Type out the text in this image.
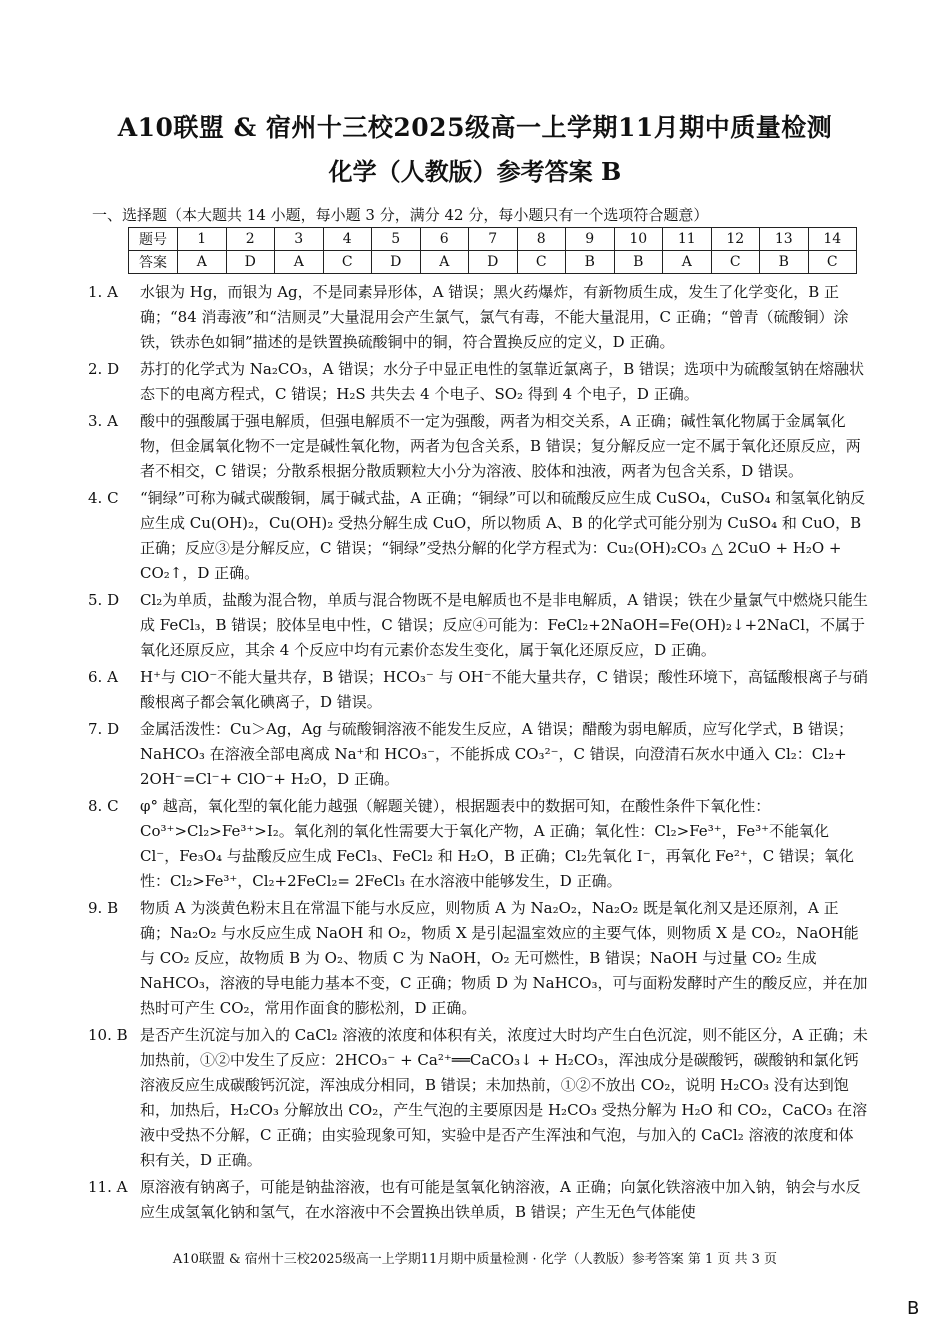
A10联盟 & 宿州十三校2025级高一上学期11月期中质量检测
化学（人教版）参考答案 B
一、选择题（本大题共 14 小题，每小题 3 分，满分 42 分，每小题只有一个选项符合题意）
题号	1	2	3	4	5	6	7	8	9	10	11	12	13	14
答案	A	D	A	C	D	A	D	C	B	B	A	C	B	C
1. A	水银为 Hg，而银为 Ag，不是同素异形体，A 错误；黑火药爆炸，有新物质生成，发生了化学变化，B 正确；“84 消毒液”和“洁厕灵”大量混用会产生氯气，氯气有毒，不能大量混用，C 正确；“曾青（硫酸铜）涂铁，铁赤色如铜”描述的是铁置换硫酸铜中的铜，符合置换反应的定义，D 正确。
2. D	苏打的化学式为 Na₂CO₃，A 错误；水分子中显正电性的氢靠近氯离子，B 错误；选项中为硫酸氢钠在熔融状态下的电离方程式，C 错误；H₂S 共失去 4 个电子、SO₂ 得到 4 个电子，D 正确。
3. A	酸中的强酸属于强电解质，但强电解质不一定为强酸，两者为相交关系，A 正确；碱性氧化物属于金属氧化物，但金属氧化物不一定是碱性氧化物，两者为包含关系，B 错误；复分解反应一定不属于氧化还原反应，两者不相交，C 错误；分散系根据分散质颗粒大小分为溶液、胶体和浊液，两者为包含关系，D 错误。
4. C	“铜绿”可称为碱式碳酸铜，属于碱式盐，A 正确；“铜绿”可以和硫酸反应生成 CuSO₄，CuSO₄ 和氢氧化钠反应生成 Cu(OH)₂，Cu(OH)₂ 受热分解生成 CuO，所以物质 A、B 的化学式可能分别为 CuSO₄ 和 CuO，B 正确；反应③是分解反应，C 错误；“铜绿”受热分解的化学方程式为：Cu₂(OH)₂CO₃ △ 2CuO + H₂O + CO₂↑，D 正确。
5. D	Cl₂为单质，盐酸为混合物，单质与混合物既不是电解质也不是非电解质，A 错误；铁在少量氯气中燃烧只能生成 FeCl₃，B 错误；胶体呈电中性，C 错误；反应④可能为：FeCl₂+2NaOH=Fe(OH)₂↓+2NaCl，不属于氧化还原反应，其余 4 个反应中均有元素价态发生变化，属于氧化还原反应，D 正确。
6. A	H⁺与 ClO⁻不能大量共存，B 错误；HCO₃⁻ 与 OH⁻不能大量共存，C 错误；酸性环境下，高锰酸根离子与硝酸根离子都会氧化碘离子，D 错误。
7. D	金属活泼性：Cu＞Ag，Ag 与硫酸铜溶液不能发生反应，A 错误；醋酸为弱电解质，应写化学式，B 错误；NaHCO₃ 在溶液全部电离成 Na⁺和 HCO₃⁻，不能拆成 CO₃²⁻，C 错误，向澄清石灰水中通入 Cl₂：Cl₂+ 2OH⁻=Cl⁻+ ClO⁻+ H₂O，D 正确。
8. C	φ° 越高，氧化型的氧化能力越强（解题关键），根据题表中的数据可知，在酸性条件下氧化性：Co³⁺>Cl₂>Fe³⁺>I₂。氧化剂的氧化性需要大于氧化产物，A 正确；氧化性：Cl₂>Fe³⁺，Fe³⁺不能氧化 Cl⁻，Fe₃O₄ 与盐酸反应生成 FeCl₃、FeCl₂ 和 H₂O，B 正确；Cl₂先氧化 I⁻，再氧化 Fe²⁺，C 错误；氧化性：Cl₂>Fe³⁺，Cl₂+2FeCl₂= 2FeCl₃ 在水溶液中能够发生，D 正确。
9. B	物质 A 为淡黄色粉末且在常温下能与水反应，则物质 A 为 Na₂O₂，Na₂O₂ 既是氧化剂又是还原剂，A 正确；Na₂O₂ 与水反应生成 NaOH 和 O₂，物质 X 是引起温室效应的主要气体，则物质 X 是 CO₂，NaOH能与 CO₂ 反应，故物质 B 为 O₂、物质 C 为 NaOH，O₂ 无可燃性，B 错误；NaOH 与过量 CO₂ 生成 NaHCO₃，溶液的导电能力基本不变，C 正确；物质 D 为 NaHCO₃，可与面粉发酵时产生的酸反应，并在加热时可产生 CO₂，常用作面食的膨松剂，D 正确。
10. B 是否产生沉淀与加入的 CaCl₂ 溶液的浓度和体积有关，浓度过大时均产生白色沉淀，则不能区分，A 正确；未加热前，①②中发生了反应：2HCO₃⁻ + Ca²⁺══CaCO₃↓ + H₂CO₃，浑浊成分是碳酸钙，碳酸钠和氯化钙溶液反应生成碳酸钙沉淀，浑浊成分相同，B 错误；未加热前，①②不放出 CO₂，说明 H₂CO₃ 没有达到饱和，加热后，H₂CO₃ 分解放出 CO₂，产生气泡的主要原因是 H₂CO₃ 受热分解为 H₂O 和 CO₂，CaCO₃ 在溶液中受热不分解，C 正确；由实验现象可知，实验中是否产生浑浊和气泡，与加入的 CaCl₂ 溶液的浓度和体积有关，D 正确。
11. A 原溶液有钠离子，可能是钠盐溶液，也有可能是氢氧化钠溶液，A 正确；向氯化铁溶液中加入钠，钠会与水反应生成氢氧化钠和氢气，在水溶液中不会置换出铁单质，B 错误；产生无色气体能使
A10联盟 & 宿州十三校2025级高一上学期11月期中质量检测 · 化学（人教版）参考答案 第 1 页 共 3 页
B
